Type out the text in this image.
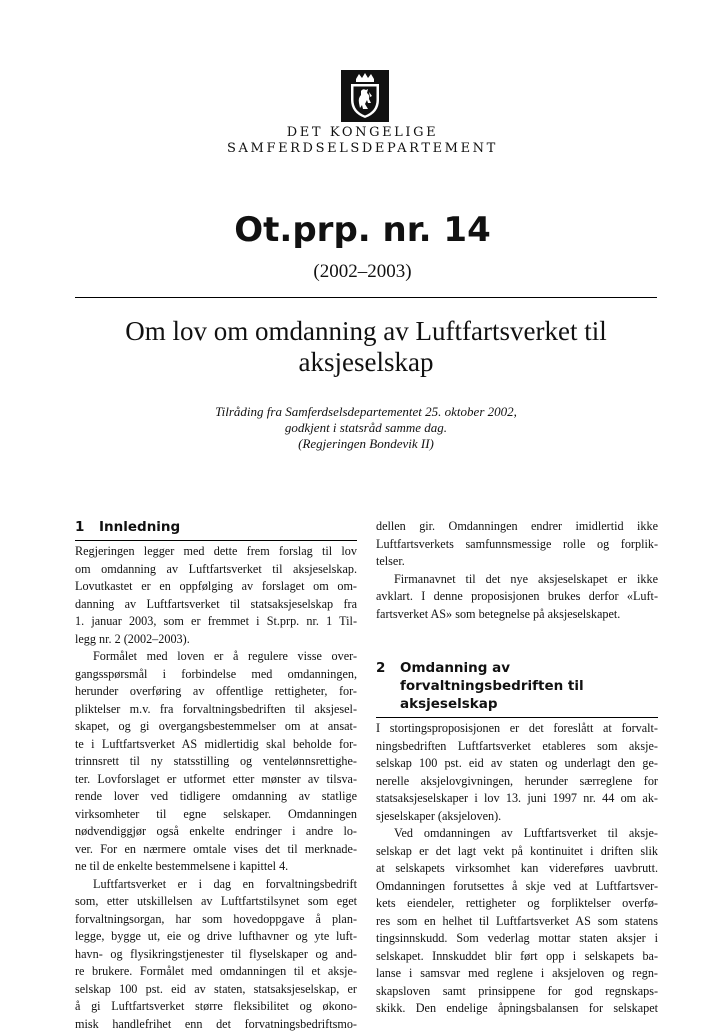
DET KONGELIGE
SAMFERDSELSDEPARTEMENT
Ot.prp. nr. 14
(2002–2003)
Om lov om omdanning av Luftfartsverket til
aksjeselskap
Tilråding fra Samferdselsdepartementet 25. oktober 2002,
godkjent i statsråd samme dag.
(Regjeringen Bondevik II)
1	Innledning
Regjeringen legger med dette frem forslag til lov
om omdanning av Luftfartsverket til aksjeselskap.
Lovutkastet er en oppfølging av forslaget om om-
danning av Luftfartsverket til statsaksjeselskap fra
1. januar 2003, som er fremmet i St.prp. nr. 1 Til-
legg nr. 2 (2002–2003).
Formålet med loven er å regulere visse over-
gangsspørsmål i forbindelse med omdanningen,
herunder overføring av offentlige rettigheter, for-
pliktelser m.v. fra forvaltningsbedriften til aksjesel-
skapet, og gi overgangsbestemmelser om at ansat-
te i Luftfartsverket AS midlertidig skal beholde for-
trinnsrett til ny statsstilling og ventelønnsrettighe-
ter. Lovforslaget er utformet etter mønster av tilsva-
rende lover ved tidligere omdanning av statlige
virksomheter til egne selskaper. Omdanningen
nødvendiggjør også enkelte endringer i andre lo-
ver. For en nærmere omtale vises det til merknade-
ne til de enkelte bestemmelsene i kapittel 4.
Luftfartsverket er i dag en forvaltningsbedrift
som, etter utskillelsen av Luftfartstilsynet som eget
forvaltningsorgan, har som hovedoppgave å plan-
legge, bygge ut, eie og drive lufthavner og yte luft-
havn- og flysikringstjenester til flyselskaper og and-
re brukere. Formålet med omdanningen til et aksje-
selskap 100 pst. eid av staten, statsaksjeselskap, er
å gi Luftfartsverket større fleksibilitet og økono-
misk handlefrihet enn det forvatningsbedriftsmo-
dellen gir. Omdanningen endrer imidlertid ikke
Luftfartsverkets samfunnsmessige rolle og forplik-
telser.
Firmanavnet til det nye aksjeselskapet er ikke
avklart. I denne proposisjonen brukes derfor «Luft-
fartsverket AS» som betegnelse på aksjeselskapet.
2	Omdanning av
forvaltningsbedriften til
aksjeselskap
I stortingsproposisjonen er det foreslått at forvalt-
ningsbedriften Luftfartsverket etableres som aksje-
selskap 100 pst. eid av staten og underlagt den ge-
nerelle aksjelovgivningen, herunder særreglene for
statsaksjeselskaper i lov 13. juni 1997 nr. 44 om ak-
sjeselskaper (aksjeloven).
Ved omdanningen av Luftfartsverket til aksje-
selskap er det lagt vekt på kontinuitet i driften slik
at selskapets virksomhet kan videreføres uavbrutt.
Omdanningen forutsettes å skje ved at Luftfartsver-
kets eiendeler, rettigheter og forpliktelser overfø-
res som en helhet til Luftfartsverket AS som statens
tingsinnskudd. Som vederlag mottar staten aksjer i
selskapet. Innskuddet blir ført opp i selskapets ba-
lanse i samsvar med reglene i aksjeloven og regn-
skapsloven samt prinsippene for god regnskaps-
skikk. Den endelige åpningsbalansen for selskapet
